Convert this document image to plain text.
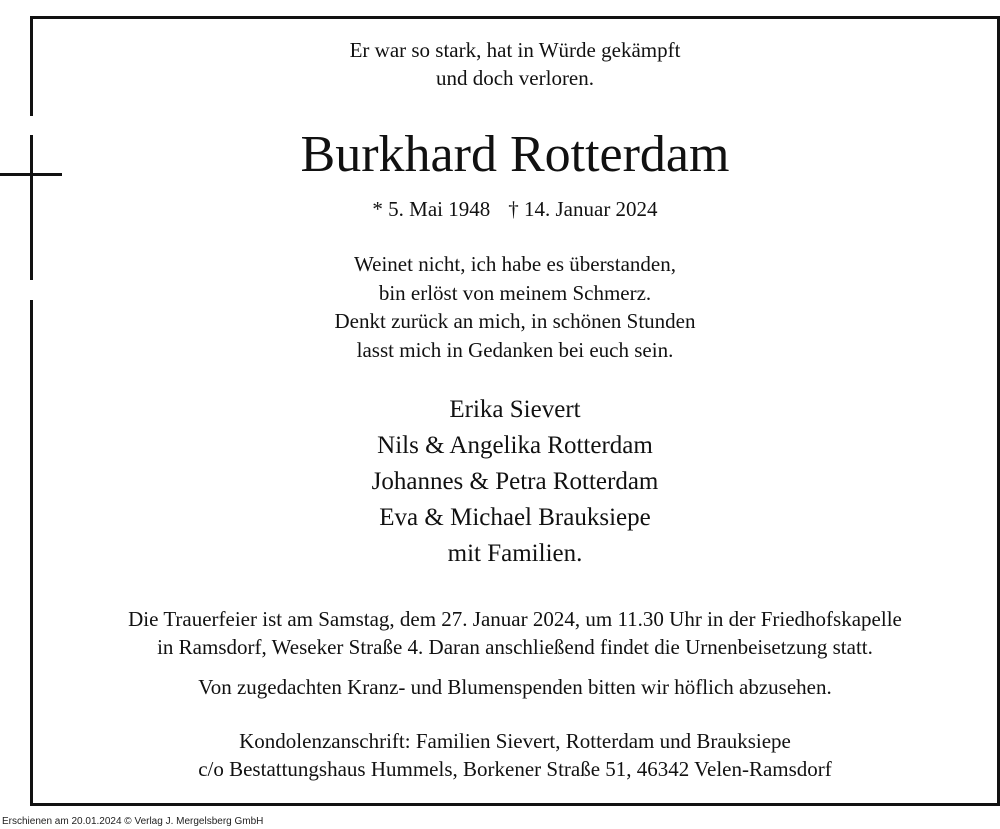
Er war so stark, hat in Würde gekämpft
und doch verloren.
Burkhard Rotterdam
* 5. Mai 1948 † 14. Januar 2024
Weinet nicht, ich habe es überstanden,
bin erlöst von meinem Schmerz.
Denkt zurück an mich, in schönen Stunden
lasst mich in Gedanken bei euch sein.
Erika Sievert
Nils & Angelika Rotterdam
Johannes & Petra Rotterdam
Eva & Michael Brauksiepe
mit Familien.
Die Trauerfeier ist am Samstag, dem 27. Januar 2024, um 11.30 Uhr in der Friedhofskapelle
in Ramsdorf, Weseker Straße 4. Daran anschließend findet die Urnenbeisetzung statt.
Von zugedachten Kranz- und Blumenspenden bitten wir höflich abzusehen.
Kondolenzanschrift: Familien Sievert, Rotterdam und Brauksiepe
c/o Bestattungshaus Hummels, Borkener Straße 51, 46342 Velen-Ramsdorf
Erschienen am 20.01.2024 © Verlag J. Mergelsberg GmbH
